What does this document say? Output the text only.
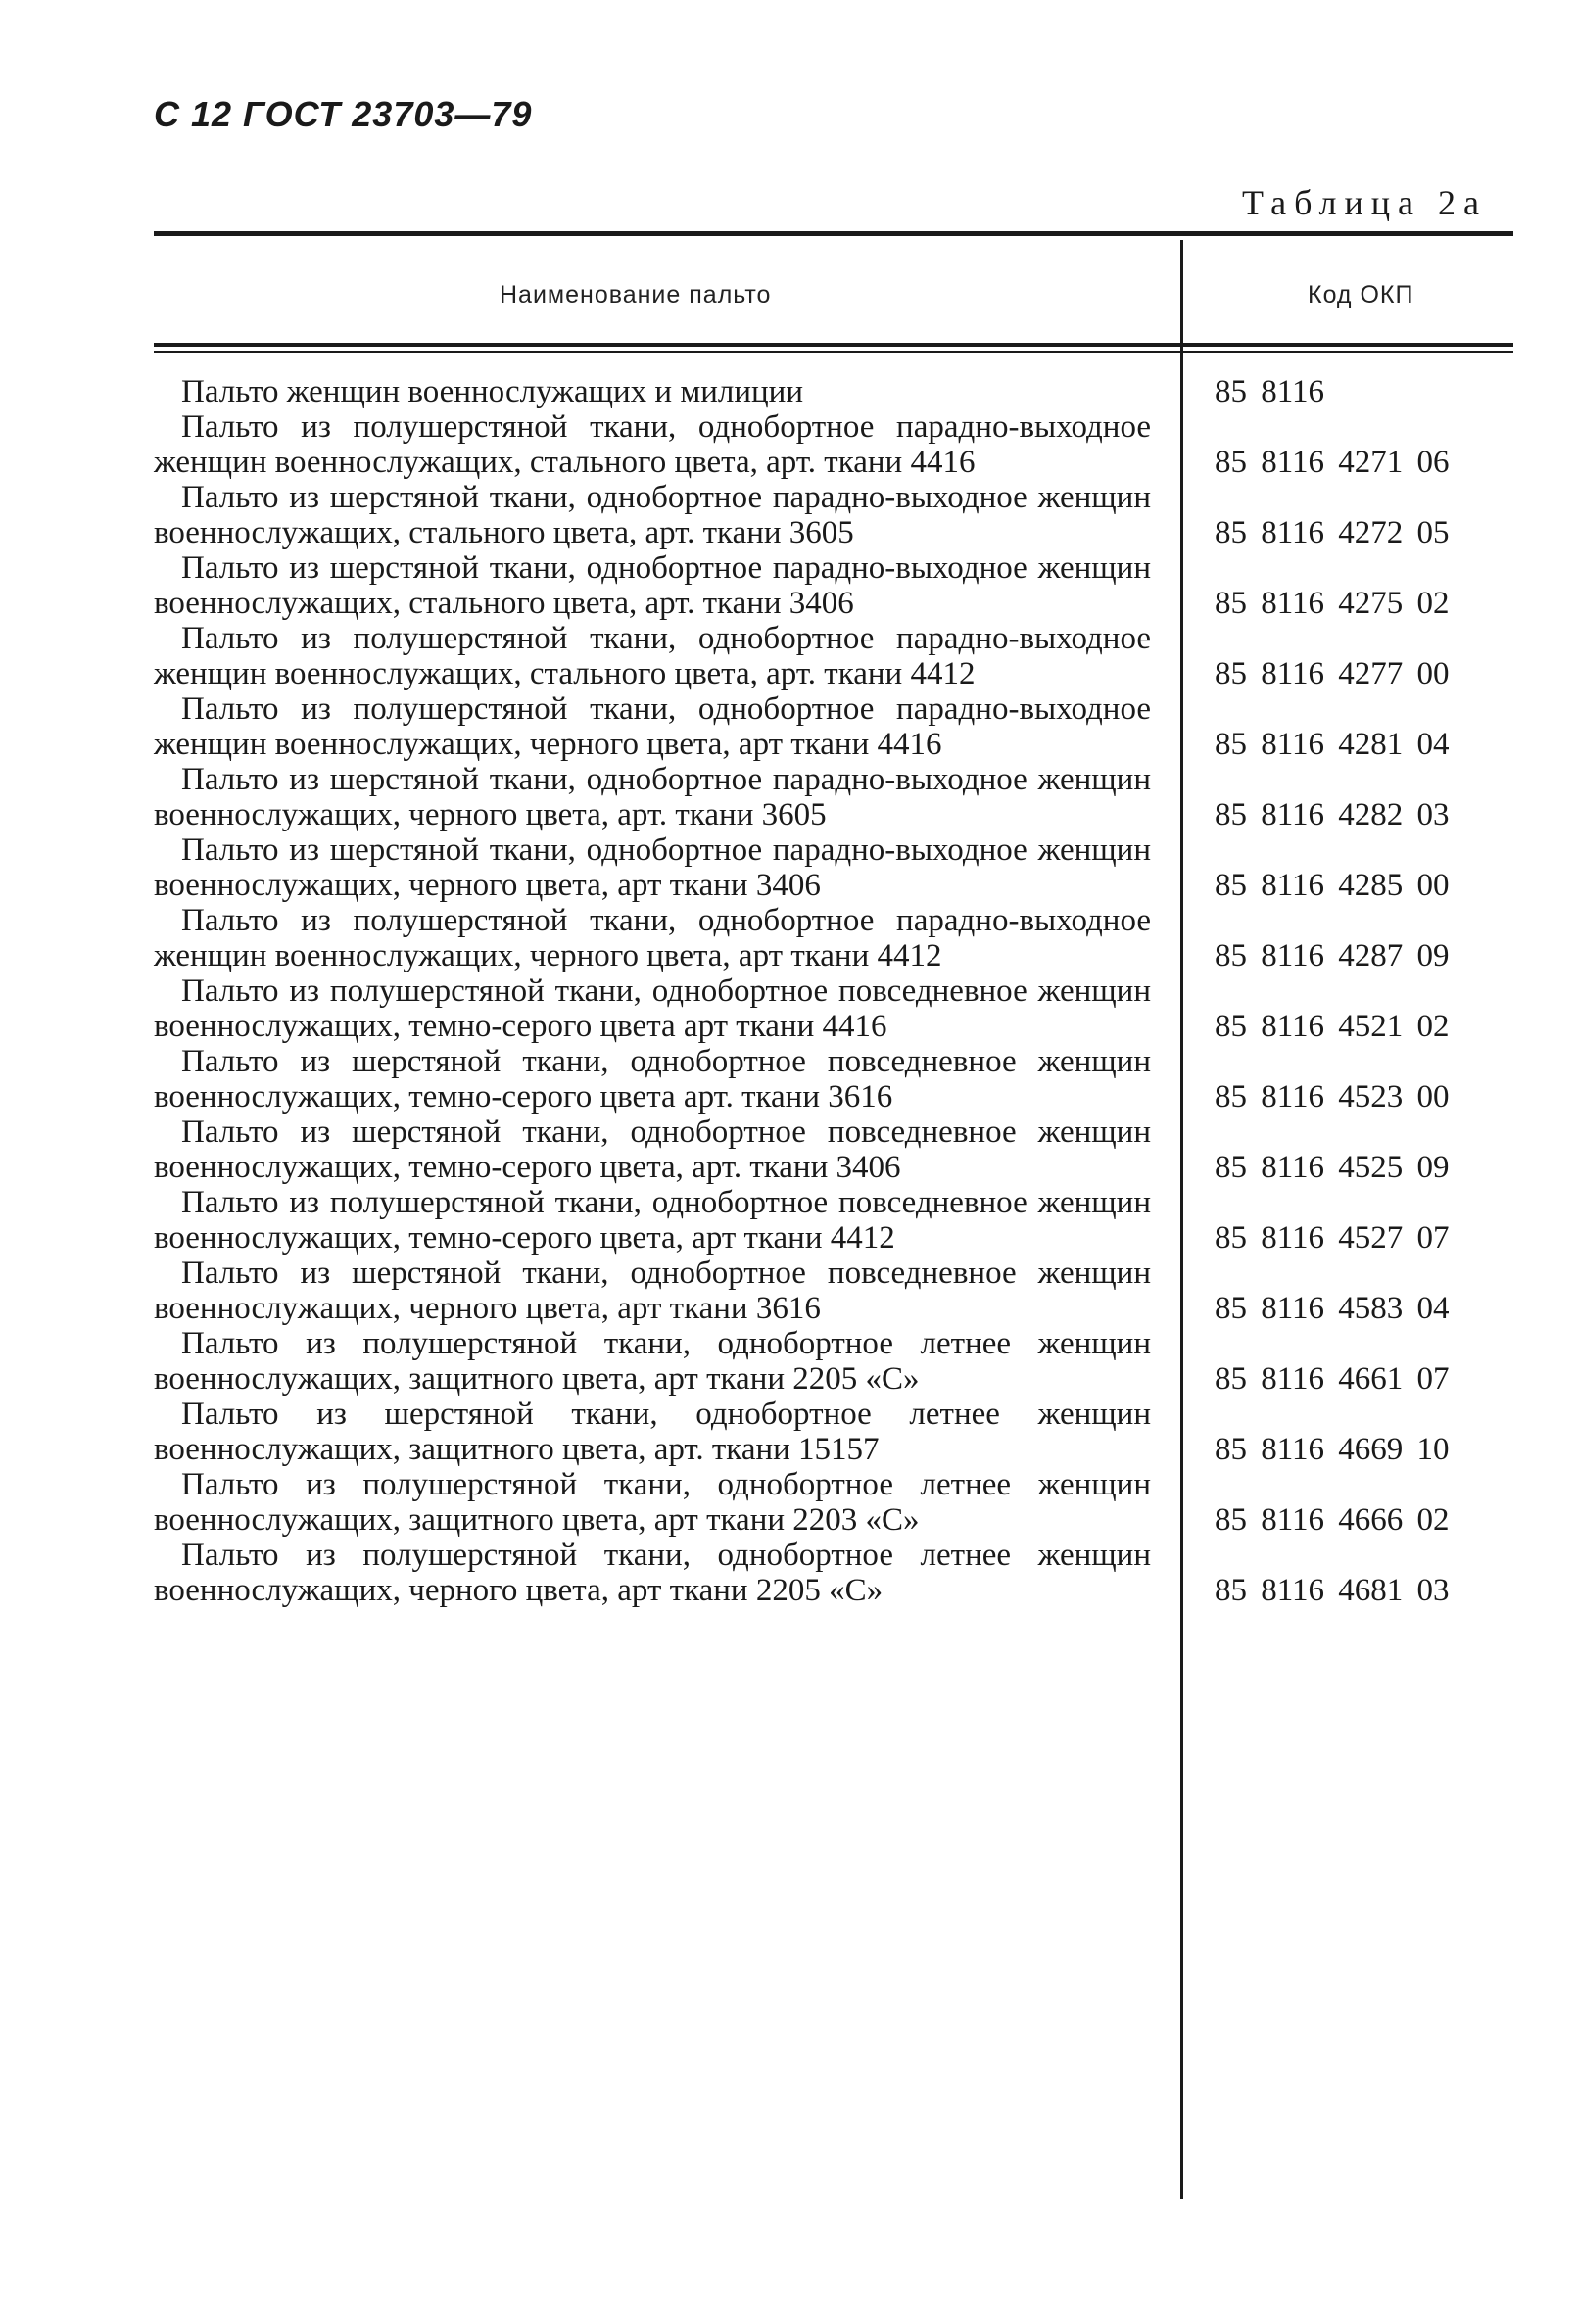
С 12 ГОСТ 23703—79
Таблица 2а
Наименование пальто	Код ОКП
Пальто женщин военнослужащих и милиции	85 8116
Пальто из полушерстяной ткани, однобортное парадно-выходное женщин военнослужащих, стального цвета, арт. ткани 4416	85 8116 4271 06
Пальто из шерстяной ткани, однобортное парадно-выходное женщин военнослужащих, стального цвета, арт. ткани 3605	85 8116 4272 05
Пальто из шерстяной ткани, однобортное парадно-выходное женщин военнослужащих, стального цвета, арт. ткани 3406	85 8116 4275 02
Пальто из полушерстяной ткани, однобортное парадно-выходное женщин военнослужащих, стального цвета, арт. ткани 4412	85 8116 4277 00
Пальто из полушерстяной ткани, однобортное парадно-выходное женщин военнослужащих, черного цвета, арт ткани 4416	85 8116 4281 04
Пальто из шерстяной ткани, однобортное парадно-выходное женщин военнослужащих, черного цвета, арт. ткани 3605	85 8116 4282 03
Пальто из шерстяной ткани, однобортное парадно-выходное женщин военнослужащих, черного цвета, арт ткани 3406	85 8116 4285 00
Пальто из полушерстяной ткани, однобортное парадно-выходное женщин военнослужащих, черного цвета, арт ткани 4412	85 8116 4287 09
Пальто из полушерстяной ткани, однобортное повседневное женщин военнослужащих, темно-серого цвета арт ткани 4416	85 8116 4521 02
Пальто из шерстяной ткани, однобортное повседневное женщин военнослужащих, темно-серого цвета арт. ткани 3616	85 8116 4523 00
Пальто из шерстяной ткани, однобортное повседневное женщин военнослужащих, темно-серого цвета, арт. ткани 3406	85 8116 4525 09
Пальто из полушерстяной ткани, однобортное повседневное женщин военнослужащих, темно-серого цвета, арт ткани 4412	85 8116 4527 07
Пальто из шерстяной ткани, однобортное повседневное женщин военнослужащих, черного цвета, арт ткани 3616	85 8116 4583 04
Пальто из полушерстяной ткани, однобортное летнее женщин военнослужащих, защитного цвета, арт ткани 2205 «С»	85 8116 4661 07
Пальто из шерстяной ткани, однобортное летнее женщин военнослужащих, защитного цвета, арт. ткани 15157	85 8116 4669 10
Пальто из полушерстяной ткани, однобортное летнее женщин военнослужащих, защитного цвета, арт ткани 2203 «С»	85 8116 4666 02
Пальто из полушерстяной ткани, однобортное летнее женщин военнослужащих, черного цвета, арт ткани 2205 «С»	85 8116 4681 03
